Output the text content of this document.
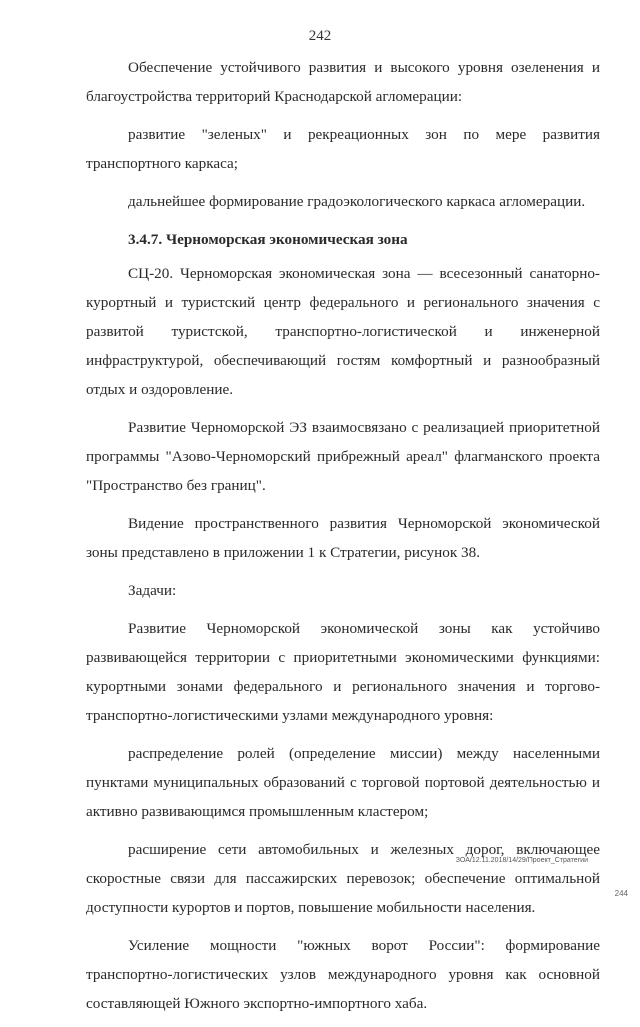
242

Обеспечение устойчивого развития и высокого уровня озеленения и благоустройства территорий Краснодарской агломерации:

развитие "зеленых" и рекреационных зон по мере развития транспортного каркаса;

дальнейшее формирование градоэкологического каркаса агломерации.

3.4.7. Черноморская экономическая зона

СЦ-20. Черноморская экономическая зона — всесезонный санаторно-курортный и туристский центр федерального и регионального значения с развитой туристской, транспортно-логистической и инженерной инфраструктурой, обеспечивающий гостям комфортный и разнообразный отдых и оздоровление.

Развитие Черноморской ЭЗ взаимосвязано с реализацией приоритетной программы "Азово-Черноморский прибрежный ареал" флагманского проекта "Пространство без границ".

Видение пространственного развития Черноморской экономической зоны представлено в приложении 1 к Стратегии, рисунок 38.

Задачи:

Развитие Черноморской экономической зоны как устойчиво развивающейся территории с приоритетными экономическими функциями: курортными зонами федерального и регионального значения и торгово-транспортно-логистическими узлами международного уровня:

распределение ролей (определение миссии) между населенными пунктами муниципальных образований с торговой портовой деятельностью и активно развивающимся промышленным кластером;

расширение сети автомобильных и железных дорог, включающее скоростные связи для пассажирских перевозок; обеспечение оптимальной доступности курортов и портов, повышение мобильности населения.

Усиление мощности "южных ворот России": формирование транспортно-логистических узлов международного уровня как основной составляющей Южного экспортно-импортного хаба.

ЗОА/12.11.2018/14/29/Проект_Стратегии
244
